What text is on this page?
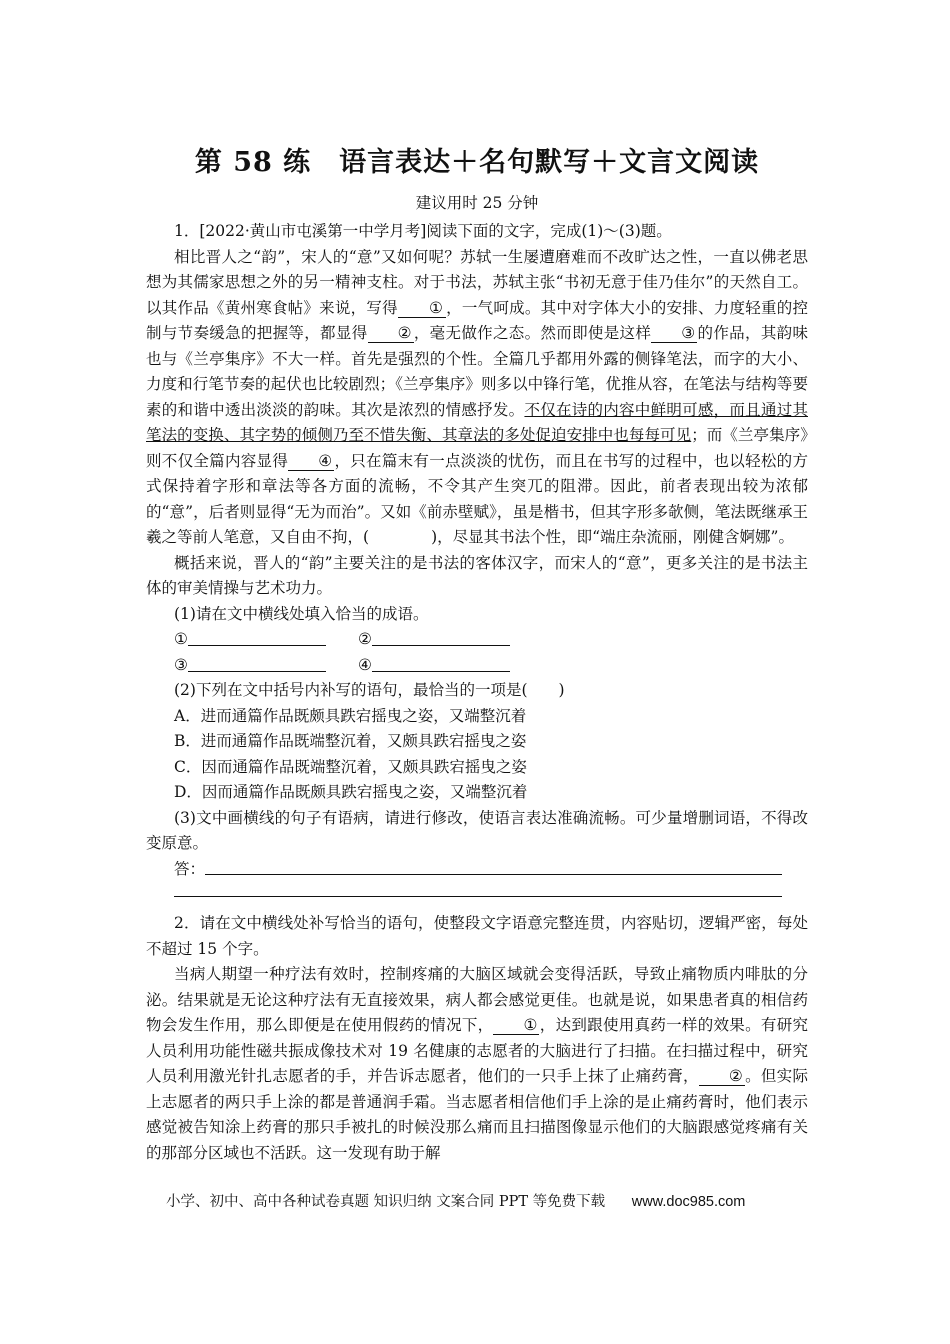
第 58 练　语言表达＋名句默写＋文言文阅读
建议用时 25 分钟

1．[2022·黄山市屯溪第一中学月考]阅读下面的文字，完成(1)～(3)题。

相比晋人之“韵”，宋人的“意”又如何呢？苏轼一生屡遭磨难而不改旷达之性，一直以佛老思想为其儒家思想之外的另一精神支柱。对于书法，苏轼主张“书初无意于佳乃佳尔”的天然自工。以其作品《黄州寒食帖》来说，写得 ① ，一气呵成。其中对字体大小的安排、力度轻重的控制与节奏缓急的把握等，都显得 ② ，毫无做作之态。然而即使是这样 ③ 的作品，其韵味也与《兰亭集序》不大一样。首先是强烈的个性。全篇几乎都用外露的侧锋笔法，而字的大小、力度和行笔节奏的起伏也比较剧烈；《兰亭集序》则多以中锋行笔，优推从容，在笔法与结构等要素的和谐中透出淡淡的韵味。其次是浓烈的情感抒发。不仅在诗的内容中鲜明可感，而且通过其笔法的变换、其字势的倾侧乃至不惜失衡、其章法的多处促迫安排中也每每可见；而《兰亭集序》则不仅全篇内容显得 ④ ，只在篇末有一点淡淡的忧伤，而且在书写的过程中，也以轻松的方式保持着字形和章法等各方面的流畅，不令其产生突兀的阻滞。因此，前者表现出较为浓郁的“意”，后者则显得“无为而治”。又如《前赤壁赋》，虽是楷书，但其字形多欹侧，笔法既继承王羲之等前人笔意，又自由不拘，(	)，尽显其书法个性，即“端庄杂流丽，刚健含婀娜”。

概括来说，晋人的“韵”主要关注的是书法的客体汉字，而宋人的“意”，更多关注的是书法主体的审美情操与艺术功力。

(1)请在文中横线处填入恰当的成语。

①	②
③	④

(2)下列在文中括号内补写的语句，最恰当的一项是(　　)

A．进而通篇作品既颇具跌宕摇曳之姿，又端整沉着

B．进而通篇作品既端整沉着，又颇具跌宕摇曳之姿

C．因而通篇作品既端整沉着，又颇具跌宕摇曳之姿

D．因而通篇作品既颇具跌宕摇曳之姿，又端整沉着

(3)文中画横线的句子有语病，请进行修改，使语言表达准确流畅。可少量增删词语，不得改变原意。

答：

2．请在文中横线处补写恰当的语句，使整段文字语意完整连贯，内容贴切，逻辑严密，每处不超过 15 个字。

当病人期望一种疗法有效时，控制疼痛的大脑区域就会变得活跃，导致止痛物质内啡肽的分泌。结果就是无论这种疗法有无直接效果，病人都会感觉更佳。也就是说，如果患者真的相信药物会发生作用，那么即便是在使用假药的情况下， ① ，达到跟使用真药一样的效果。有研究人员利用功能性磁共振成像技术对 19 名健康的志愿者的大脑进行了扫描。在扫描过程中，研究人员利用激光针扎志愿者的手，并告诉志愿者，他们的一只手上抹了止痛药膏， ② 。但实际上志愿者的两只手上涂的都是普通润手霜。当志愿者相信他们手上涂的是止痛药膏时，他们表示感觉被告知涂上药膏的那只手被扎的时候没那么痛而且扫描图像显示他们的大脑跟感觉疼痛有关的那部分区域也不活跃。这一发现有助于解

小学、初中、高中各种试卷真题 知识归纳 文案合同 PPT 等免费下载 www.doc985.com
